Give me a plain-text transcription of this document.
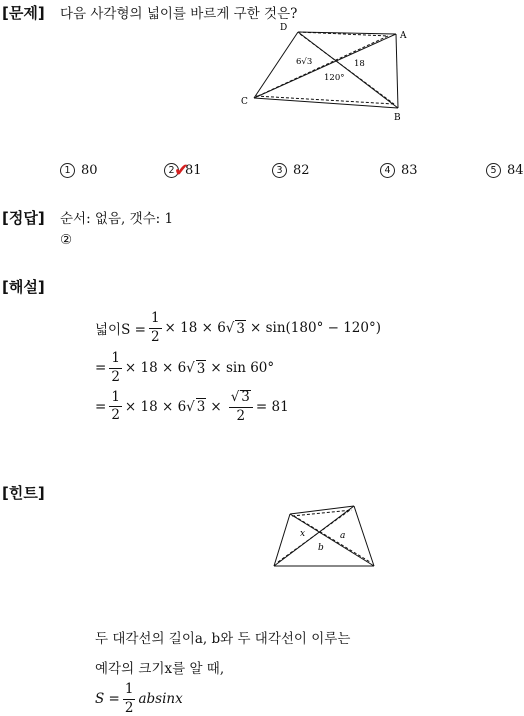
[문제] 다음 사각형의 넓이를 바르게 구한 것은?
D
A
C
B
6√3	18
120°
1 80	2 81
✔	3 82	4 83	5 84
[정답] 순서: 없음, 갯수: 1
②
[해설]
넓이$S = \frac{1}{2} \times 18 \times 6$ √ 3 × sin(180° − 120°)
= $\frac{1}{2} \times 18 \times 6$ √ 3 × sin 60°
= $\frac{1}{2} \times 18 \times 6$ √ $3 \times \frac{√ 3}{2} = 81$
[힌트]
x	a
b
두 대각선의 길이a, b와 두 대각선이 이루는
예각의 크기x를 알 때,
$S = \frac{1}{2}$ absinx
